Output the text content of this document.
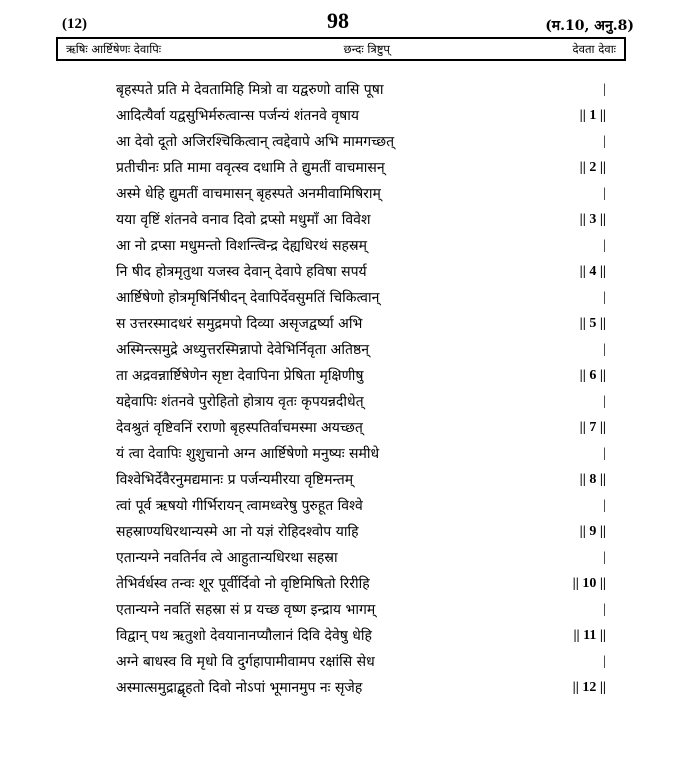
98
(12)	(म.10, अनु.8)
ऋषिः आर्ष्टिषेणः देवापिः	छन्दः त्रिष्टुप्	देवता देवाः
बृहस्पते प्रति मे देवतामिहि मित्रो वा यद्वरुणो वासि पूषा	|
आदित्यैर्वा यद्वसुभिर्मरुत्वान्स पर्जन्यं शंतनवे वृषाय	|| 1 ||
आ देवो दूतो अजिरश्चिकित्वान् त्वद्देवापे अभि मामगच्छत्	|
प्रतीचीनः प्रति मामा ववृत्स्व दधामि ते द्युमतीं वाचमासन्	|| 2 ||
अस्मे धेहि द्युमतीं वाचमासन् बृहस्पते अनमीवामिषिराम्	|
यया वृष्टिं शंतनवे वनाव दिवो द्रप्सो मधुमाँ आ विवेश	|| 3 ||
आ नो द्रप्सा मधुमन्तो विशन्त्विन्द्र देह्यधिरथं सहस्रम्	|
नि षीद होत्रमृतुथा यजस्व देवान् देवापे हविषा सपर्य	|| 4 ||
आर्ष्टिषेणो होत्रमृषिर्निषीदन् देवापिर्देवसुमतिं चिकित्वान्	|
स उत्तरस्मादधरं समुद्रमपो दिव्या असृजद्वर्ष्या अभि	|| 5 ||
अस्मिन्त्समुद्रे अध्युत्तरस्मिन्नापो देवेभिर्निवृता अतिष्ठन्	|
ता अद्रवन्नार्ष्टिषेणेन सृष्टा देवापिना प्रेषिता मृक्षिणीषु	|| 6 ||
यद्देवापिः शंतनवे पुरोहितो होत्राय वृतः कृपयन्नदीधेत्	|
देवश्रुतं वृष्टिवनिं रराणो बृहस्पतिर्वाचमस्मा अयच्छत्	|| 7 ||
यं त्वा देवापिः शुशुचानो अग्न आर्ष्टिषेणो मनुष्यः समीधे	|
विश्वेभिर्देवैरनुमद्यमानः प्र पर्जन्यमीरया वृष्टिमन्तम्	|| 8 ||
त्वां पूर्व ऋषयो गीर्भिरायन् त्वामध्वरेषु पुरुहूत विश्वे	|
सहस्राण्यधिरथान्यस्मे आ नो यज्ञं रोहिदश्वोप याहि	|| 9 ||
एतान्यग्ने नवतिर्नव त्वे आहुतान्यधिरथा सहस्रा	|
तेभिर्वर्धस्व तन्वः शूर पूर्वीर्दिवो नो वृष्टिमिषितो रिरीहि	|| 10 ||
एतान्यग्ने नवतिं सहस्रा सं प्र यच्छ वृष्ण इन्द्राय भागम्	|
विद्वान् पथ ऋतुशो देवयानानप्यौलानं दिवि देवेषु धेहि	|| 11 ||
अग्ने बाधस्व वि मृधो वि दुर्गहापामीवामप रक्षांसि सेध	|
अस्मात्समुद्राद्बृहतो दिवो नोऽपां भूमानमुप नः सृजेह	|| 12 ||
